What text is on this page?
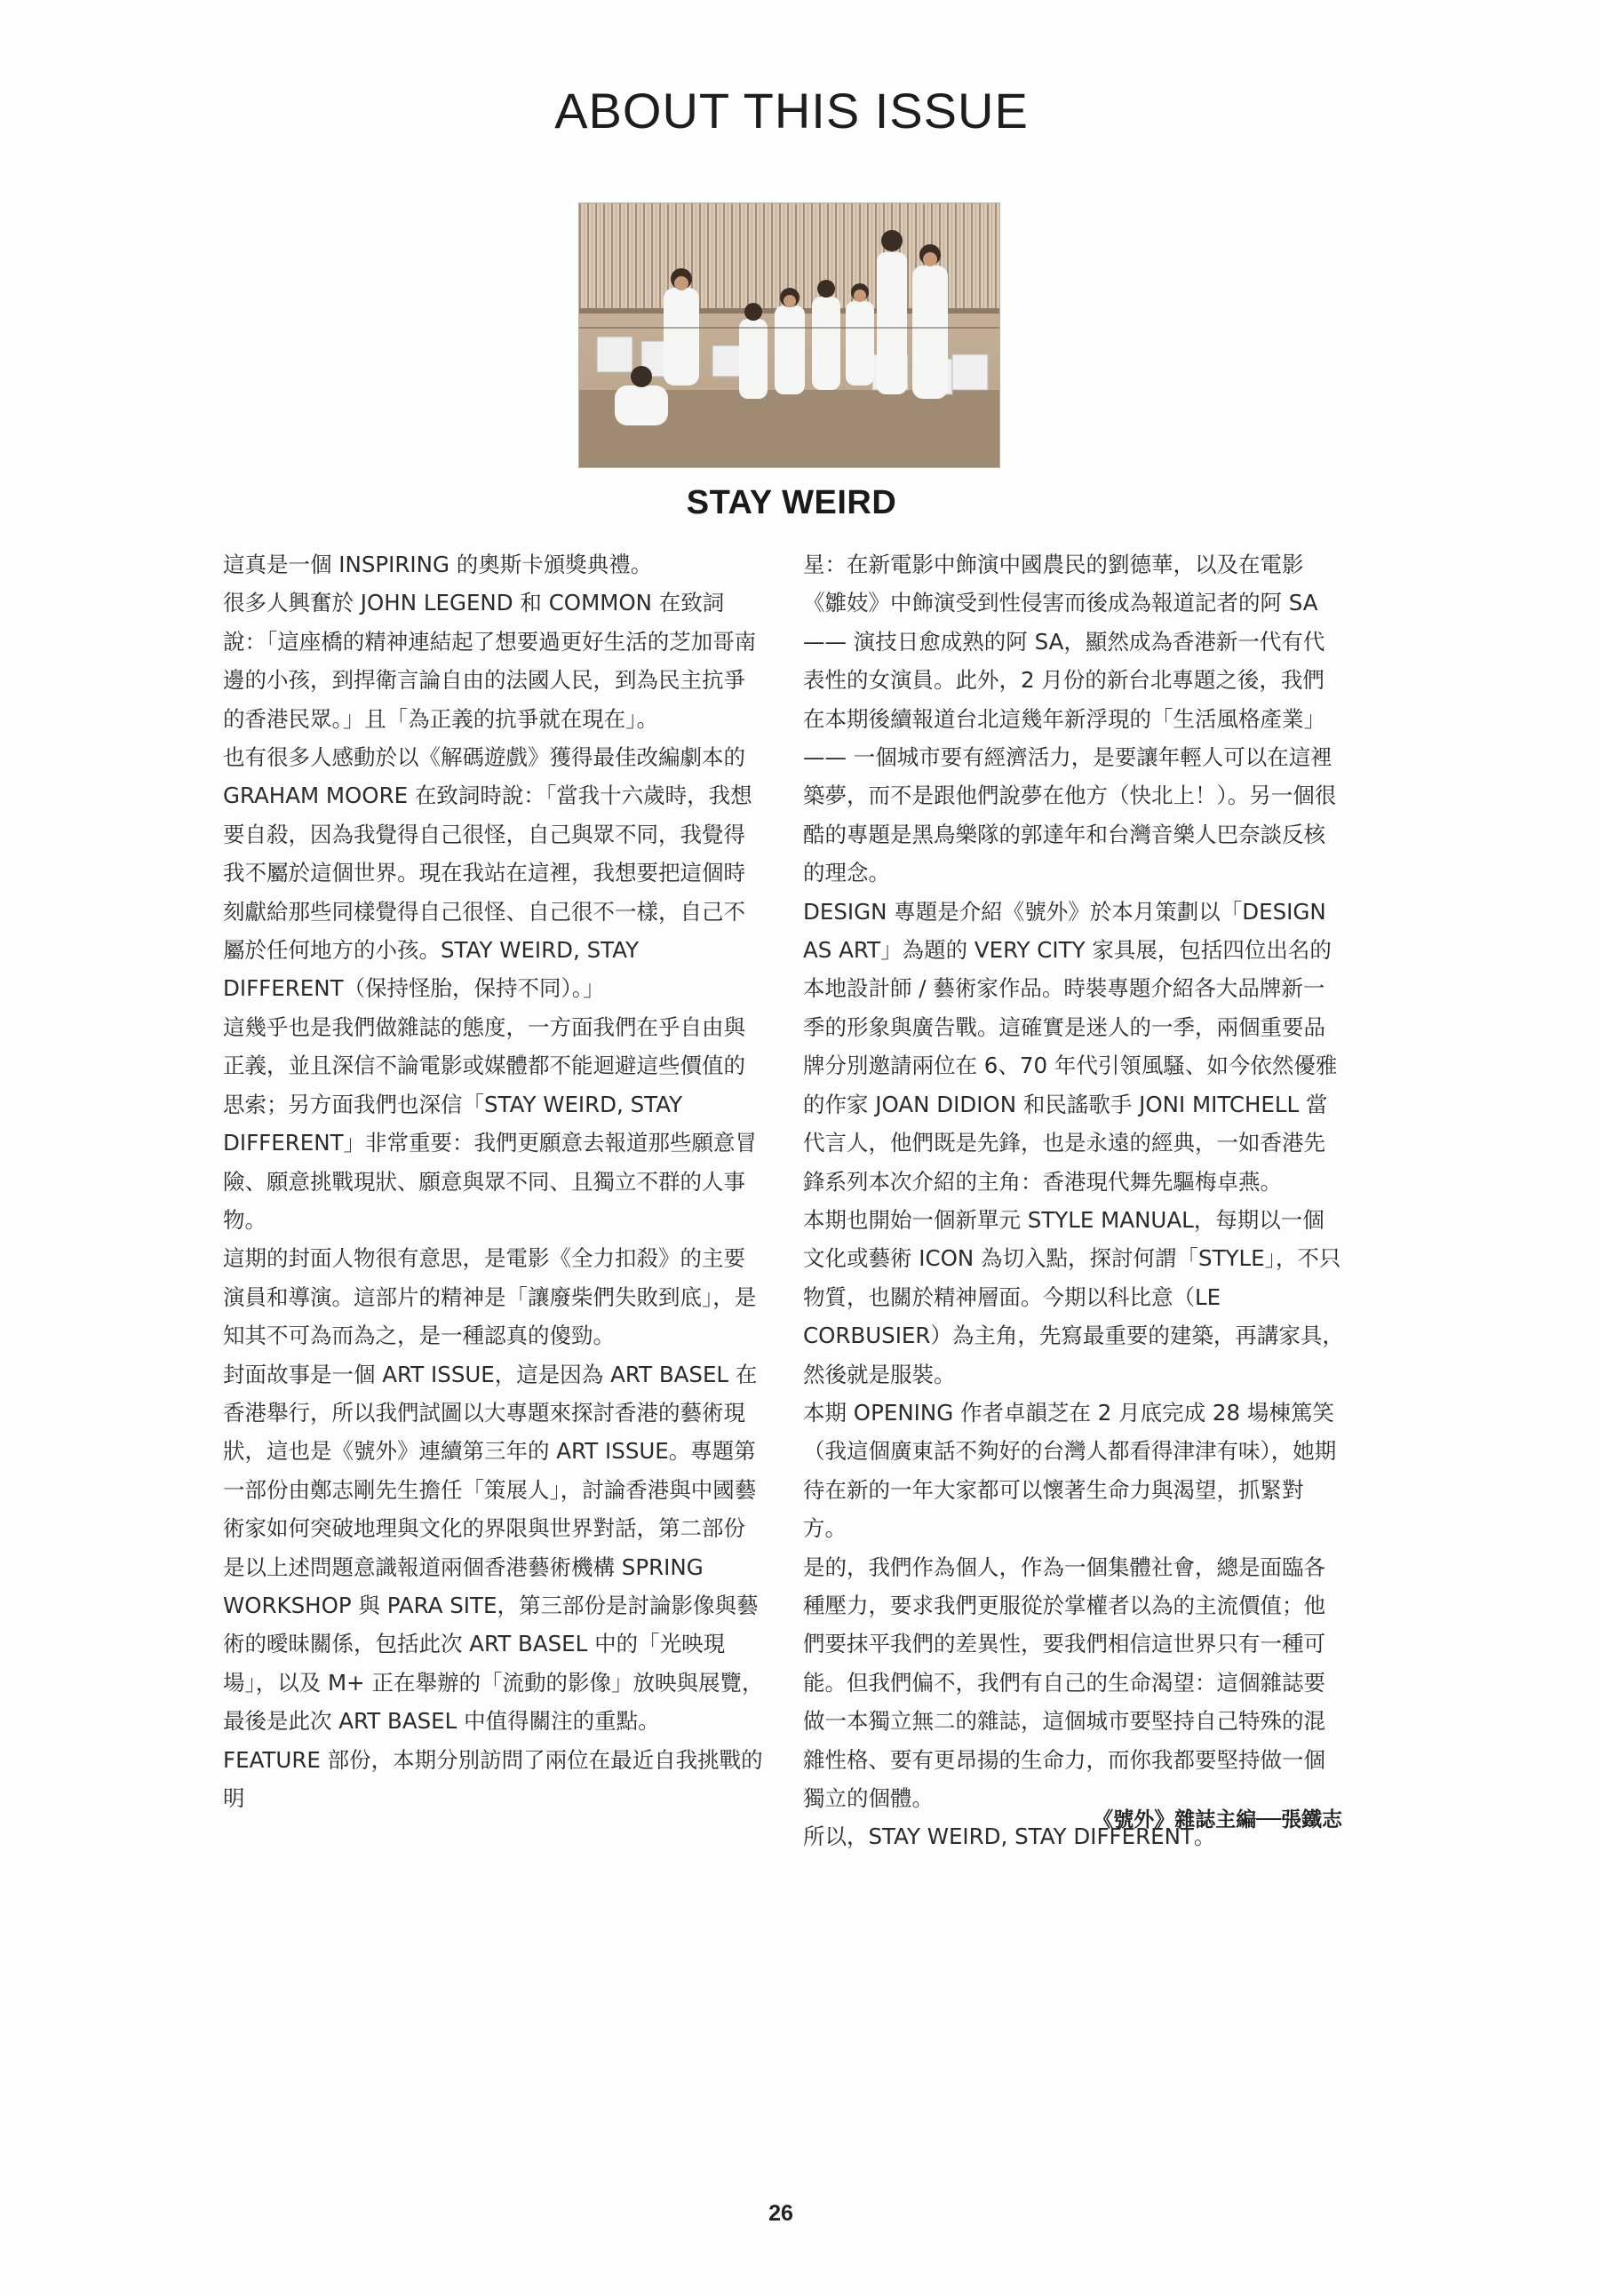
ABOUT THIS ISSUE
STAY WEIRD

這真是一個 INSPIRING 的奧斯卡頒獎典禮。

很多人興奮於 JOHN LEGEND 和 COMMON 在致詞說：「這座橋的精神連結起了想要過更好生活的芝加哥南邊的小孩，到捍衛言論自由的法國人民，到為民主抗爭的香港民眾。」且「為正義的抗爭就在現在」。

也有很多人感動於以《解碼遊戲》獲得最佳改編劇本的 GRAHAM MOORE 在致詞時說：「當我十六歲時，我想要自殺，因為我覺得自己很怪，自己與眾不同，我覺得我不屬於這個世界。現在我站在這裡，我想要把這個時刻獻給那些同樣覺得自己很怪、自己很不一樣，自己不屬於任何地方的小孩。STAY WEIRD, STAY DIFFERENT（保持怪胎，保持不同）。」

這幾乎也是我們做雜誌的態度，一方面我們在乎自由與正義，並且深信不論電影或媒體都不能迴避這些價值的思索；另方面我們也深信「STAY WEIRD, STAY DIFFERENT」非常重要：我們更願意去報道那些願意冒險、願意挑戰現狀、願意與眾不同、且獨立不群的人事物。

這期的封面人物很有意思，是電影《全力扣殺》的主要演員和導演。這部片的精神是「讓廢柴們失敗到底」，是知其不可為而為之，是一種認真的傻勁。

封面故事是一個 ART ISSUE，這是因為 ART BASEL 在香港舉行，所以我們試圖以大專題來探討香港的藝術現狀，這也是《號外》連續第三年的 ART ISSUE。專題第一部份由鄭志剛先生擔任「策展人」，討論香港與中國藝術家如何突破地理與文化的界限與世界對話，第二部份是以上述問題意識報道兩個香港藝術機構 SPRING WORKSHOP 與 PARA SITE，第三部份是討論影像與藝術的曖昧關係，包括此次 ART BASEL 中的「光映現場」，以及 M+ 正在舉辦的「流動的影像」放映與展覽，最後是此次 ART BASEL 中值得關注的重點。

FEATURE 部份，本期分別訪問了兩位在最近自我挑戰的明

星：在新電影中飾演中國農民的劉德華，以及在電影《雛妓》中飾演受到性侵害而後成為報道記者的阿 SA —— 演技日愈成熟的阿 SA，顯然成為香港新一代有代表性的女演員。此外，2 月份的新台北專題之後，我們在本期後續報道台北這幾年新浮現的「生活風格產業」—— 一個城市要有經濟活力，是要讓年輕人可以在這裡築夢，而不是跟他們說夢在他方（快北上！）。另一個很酷的專題是黑鳥樂隊的郭達年和台灣音樂人巴奈談反核的理念。

DESIGN 專題是介紹《號外》於本月策劃以「DESIGN AS ART」為題的 VERY CITY 家具展，包括四位出名的本地設計師 / 藝術家作品。時裝專題介紹各大品牌新一季的形象與廣告戰。這確實是迷人的一季，兩個重要品牌分別邀請兩位在 6、70 年代引領風騷、如今依然優雅的作家 JOAN DIDION 和民謠歌手 JONI MITCHELL 當代言人，他們既是先鋒，也是永遠的經典，一如香港先鋒系列本次介紹的主角：香港現代舞先驅梅卓燕。

本期也開始一個新單元 STYLE MANUAL，每期以一個文化或藝術 ICON 為切入點，探討何謂「STYLE」，不只物質，也關於精神層面。今期以科比意（LE CORBUSIER）為主角，先寫最重要的建築，再講家具，然後就是服裝。

本期 OPENING 作者卓韻芝在 2 月底完成 28 場棟篤笑（我這個廣東話不夠好的台灣人都看得津津有味），她期待在新的一年大家都可以懷著生命力與渴望，抓緊對方。

是的，我們作為個人，作為一個集體社會，總是面臨各種壓力，要求我們更服從於掌權者以為的主流價值；他們要抹平我們的差異性，要我們相信這世界只有一種可能。但我們偏不，我們有自己的生命渴望：這個雜誌要做一本獨立無二的雜誌，這個城市要堅持自己特殊的混雜性格、要有更昂揚的生命力，而你我都要堅持做一個獨立的個體。

所以，STAY WEIRD, STAY DIFFERENT。

《號外》雜誌主編──張鐵志
26
